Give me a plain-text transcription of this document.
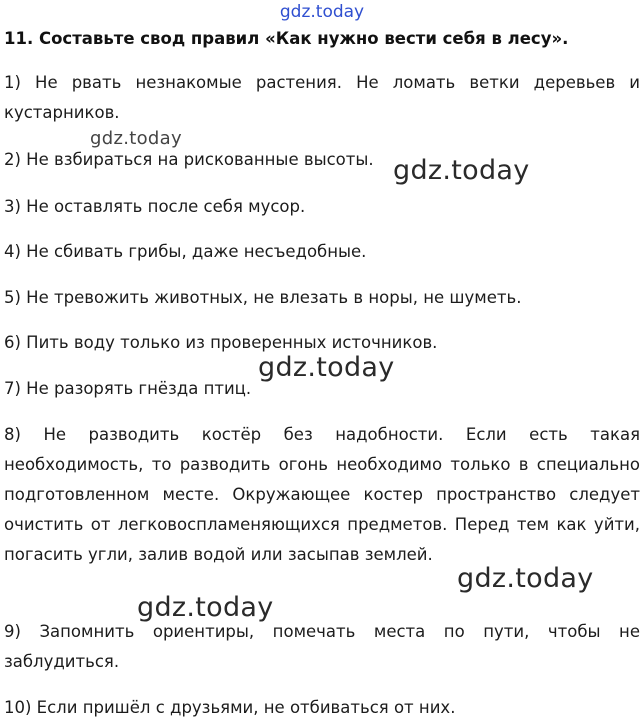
gdz.today
11. Составьте свод правил «Как нужно вести себя в лесу».
1) Не рвать незнакомые растения. Не ломать ветки деревьев и кустарников.
2) Не взбираться на рискованные высоты.
3) Не оставлять после себя мусор.
4) Не сбивать грибы, даже несъедобные.
5) Не тревожить животных, не влезать в норы, не шуметь.
6) Пить воду только из проверенных источников.
7) Не разорять гнёзда птиц.
8) Не разводить костёр без надобности. Если есть такая необходимость, то разводить огонь необходимо только в специально подготовленном месте. Окружающее костер пространство следует очистить от легковоспламеняющихся предметов. Перед тем как уйти, погасить угли, залив водой или засыпав землей.
9) Запомнить ориентиры, помечать места по пути, чтобы не заблудиться.
10) Если пришёл с друзьями, не отбиваться от них.
gdz.today
gdz.today
gdz.today
gdz.today
gdz.today
